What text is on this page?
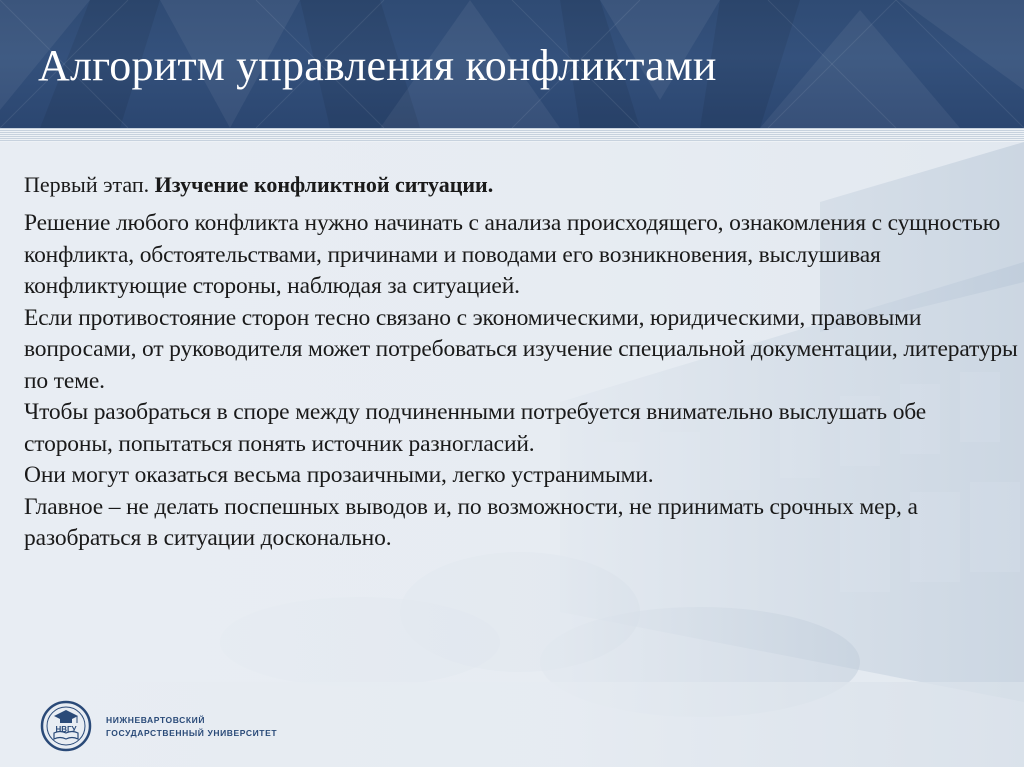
Алгоритм управления конфликтами

Первый этап. Изучение конфликтной ситуации.

Решение любого конфликта нужно начинать с анализа происходящего, ознакомления с сущностью конфликта, обстоятельствами, причинами и поводами его возникновения, выслушивая конфликтующие стороны, наблюдая за ситуацией.

Если противостояние сторон тесно связано с экономическими, юридическими, правовыми вопросами, от руководителя может потребоваться изучение специальной документации, литературы по теме.

Чтобы разобраться в споре между подчиненными потребуется внимательно выслушать обе стороны, попытаться понять источник разногласий.

Они могут оказаться весьма прозаичными, легко устранимыми.

Главное – не делать поспешных выводов и, по возможности, не принимать срочных мер, а разобраться в ситуации досконально.

НВГУ
НИЖНЕВАРТОВСКИЙ
ГОСУДАРСТВЕННЫЙ УНИВЕРСИТЕТ
